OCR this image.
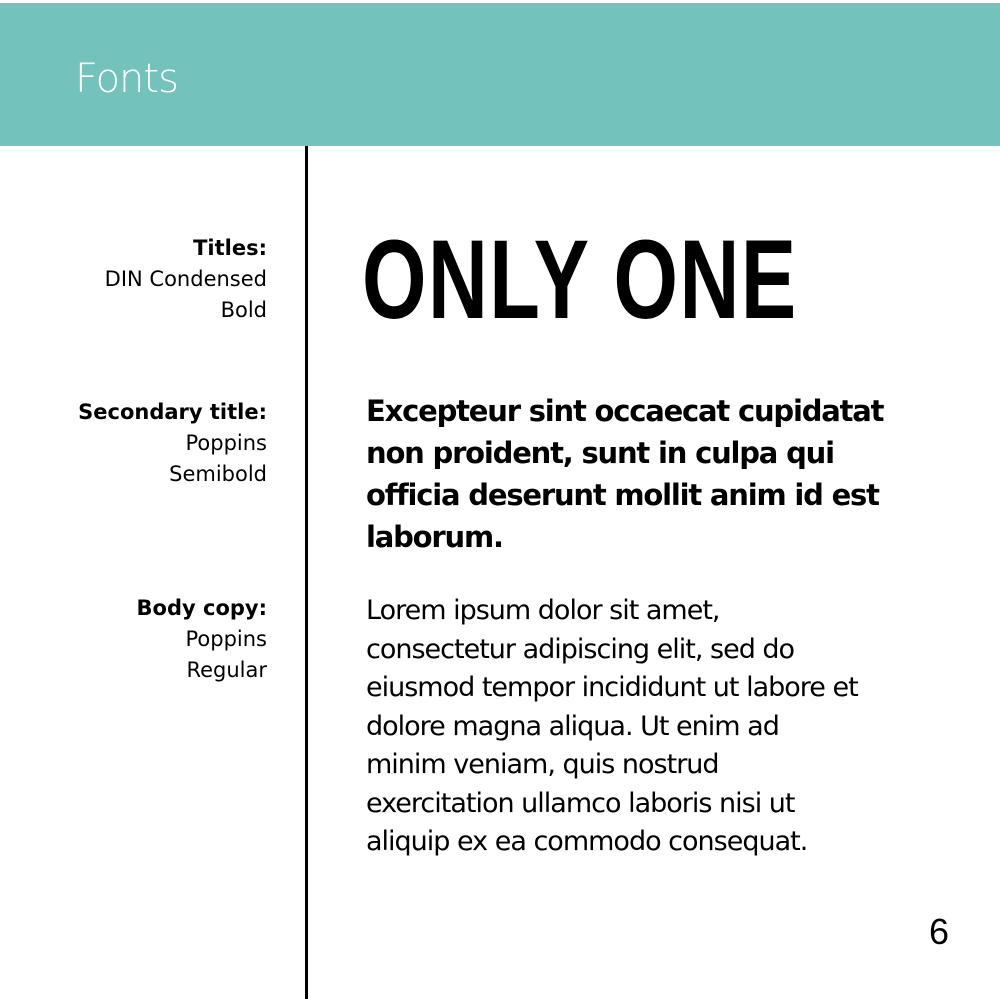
Fonts
Titles:
DIN Condensed
Bold
Secondary title:
Poppins
Semibold
Body copy:
Poppins
Regular
ONLY ONE
Excepteur sint occaecat cupidatat
non proident, sunt in culpa qui
officia deserunt mollit anim id est
laborum.
Lorem ipsum dolor sit amet,
consectetur adipiscing elit, sed do
eiusmod tempor incididunt ut labore et
dolore magna aliqua. Ut enim ad
minim veniam, quis nostrud
exercitation ullamco laboris nisi ut
aliquip ex ea commodo consequat.
6
